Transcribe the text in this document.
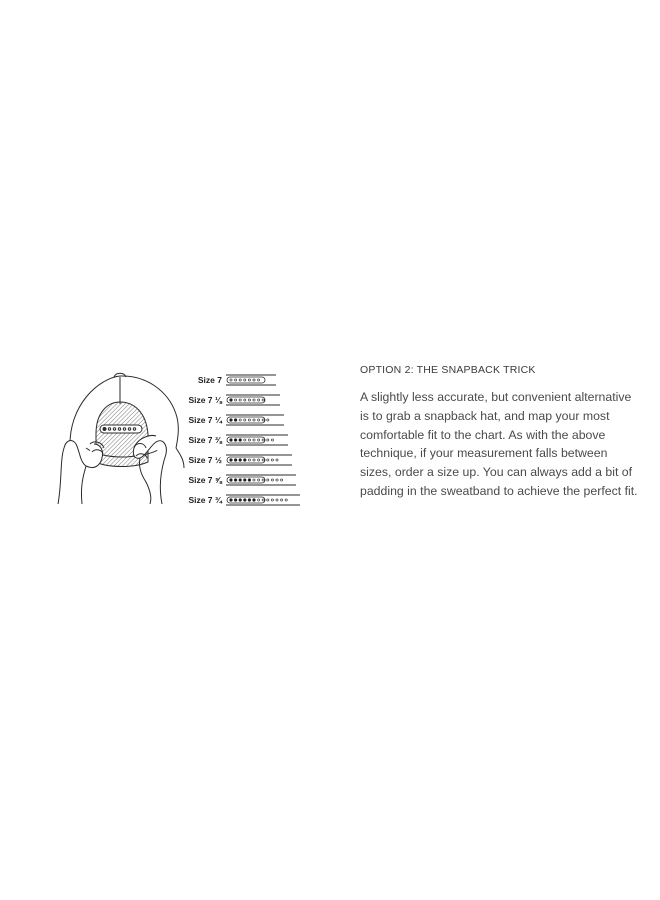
Size 7
Size 7 ⅛
Size 7 ¼
Size 7 ⅜
Size 7 ½
Size 7 ⅝
Size 7 ¾
OPTION 2: THE SNAPBACK TRICK

A slightly less accurate, but convenient alternative is to grab a snapback hat, and map your most comfortable fit to the chart. As with the above technique, if your measurement falls between sizes, order a size up. You can always add a bit of padding in the sweatband to achieve the perfect fit.
